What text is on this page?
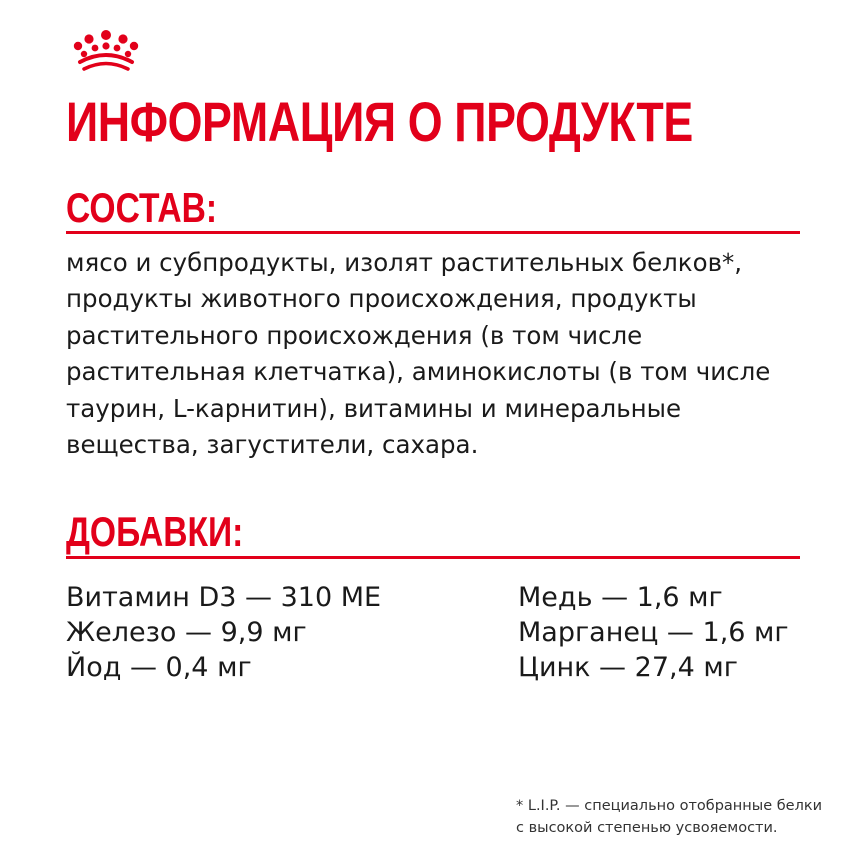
ИНФОРМАЦИЯ О ПРОДУКТЕ
СОСТАВ:

мясо и субпродукты, изолят растительных белков*, продукты животного происхождения, продукты растительного происхождения (в том числе растительная клетчатка), аминокислоты (в том числе таурин, L-карнитин), витамины и минеральные вещества, загустители, сахара.

ДОБАВКИ:
Витамин D3 — 310 МЕ
Железо — 9,9 мг
Йод — 0,4 мг
Медь — 1,6 мг
Марганец — 1,6 мг
Цинк — 27,4 мг

* L.I.P. — специально отобранные белки
с высокой степенью усвояемости.
